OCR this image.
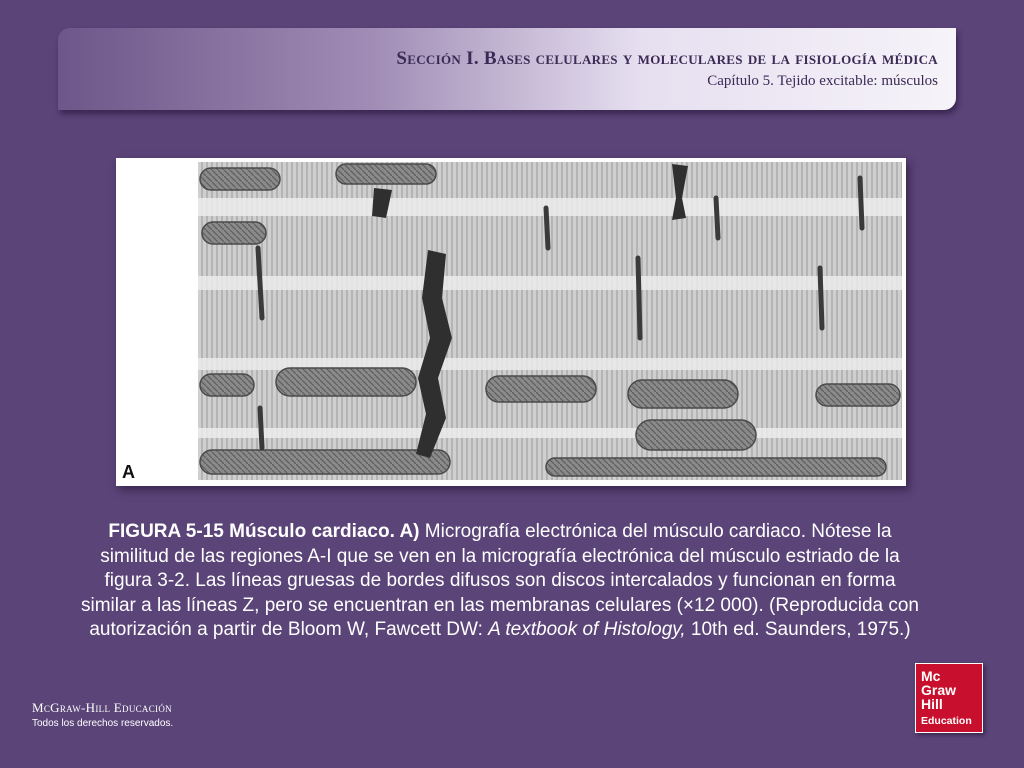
Sección I. Bases celulares y moleculares de la fisiología médica
Capítulo 5. Tejido excitable: músculos
A
FIGURA 5-15 Músculo cardiaco. A) Micrografía electrónica del músculo cardiaco. Nótese la similitud de las regiones A-I que se ven en la micrografía electrónica del músculo estriado de la figura 3-2. Las líneas gruesas de bordes difusos son discos intercalados y funcionan en forma similar a las líneas Z, pero se encuentran en las membranas celulares (×12 000). (Reproducida con autorización a partir de Bloom W, Fawcett DW: A textbook of Histology, 10th ed. Saunders, 1975.)
McGraw-Hill Educación
Todos los derechos reservados.
Mc
Graw
Hill
Education
